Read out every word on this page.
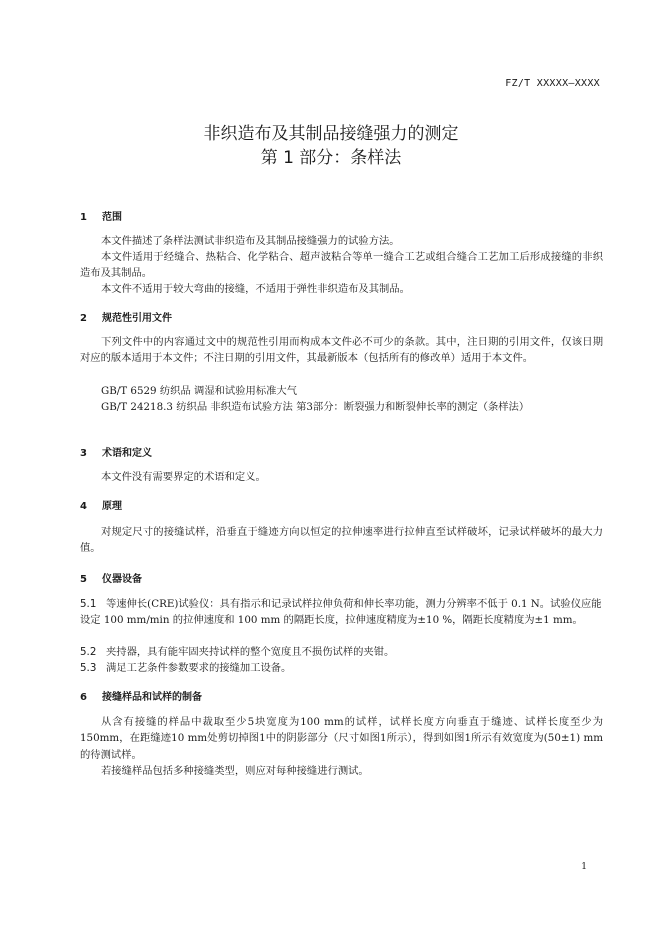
FZ/T XXXXX—XXXX
非织造布及其制品接缝强力的测定
第 1 部分：条样法
1 范围

本文件描述了条样法测试非织造布及其制品接缝强力的试验方法。

本文件适用于经缝合、热粘合、化学粘合、超声波粘合等单一缝合工艺或组合缝合工艺加工后形成接缝的非织造布及其制品。

本文件不适用于较大弯曲的接缝，不适用于弹性非织造布及其制品。

2 规范性引用文件

下列文件中的内容通过文中的规范性引用而构成本文件必不可少的条款。其中，注日期的引用文件，仅该日期对应的版本适用于本文件；不注日期的引用文件，其最新版本（包括所有的修改单）适用于本文件。

GB/T 6529 纺织品 调湿和试验用标准大气
GB/T 24218.3 纺织品 非织造布试验方法 第3部分：断裂强力和断裂伸长率的测定（条样法）
3 术语和定义

本文件没有需要界定的术语和定义。

4 原理

对规定尺寸的接缝试样，沿垂直于缝迹方向以恒定的拉伸速率进行拉伸直至试样破坏，记录试样破坏的最大力值。

5 仪器设备

5.1 等速伸长(CRE)试验仪：具有指示和记录试样拉伸负荷和伸长率功能，测力分辨率不低于 0.1 N。试验仪应能设定 100 mm/min 的拉伸速度和 100 mm 的隔距长度，拉伸速度精度为±10 %，隔距长度精度为±1 mm。

5.2 夹持器，具有能牢固夹持试样的整个宽度且不损伤试样的夹钳。

5.3 满足工艺条件参数要求的接缝加工设备。

6 接缝样品和试样的制备

从含有接缝的样品中裁取至少5块宽度为100 mm的试样，试样长度方向垂直于缝迹、试样长度至少为150mm，在距缝迹10 mm处剪切掉图1中的阴影部分（尺寸如图1所示），得到如图1所示有效宽度为(50±1) mm的待测试样。

若接缝样品包括多种接缝类型，则应对每种接缝进行测试。

1
